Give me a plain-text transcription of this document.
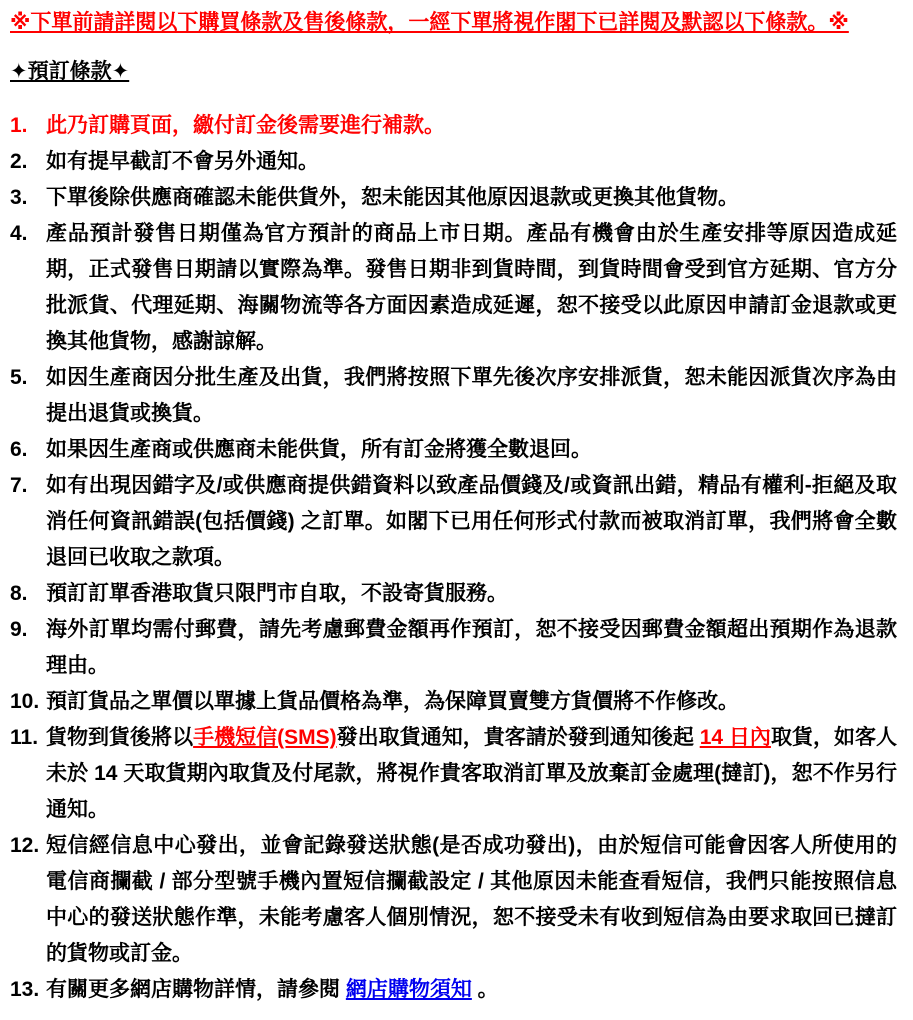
※下單前請詳閱以下購買條款及售後條款，一經下單將視作閣下已詳閱及默認以下條款。※
✦預訂條款✦
1. 此乃訂購頁面，繳付訂金後需要進行補款。
2. 如有提早截訂不會另外通知。
3. 下單後除供應商確認未能供貨外，恕未能因其他原因退款或更換其他貨物。
4. 產品預計發售日期僅為官方預計的商品上市日期。產品有機會由於生產安排等原因造成延期，正式發售日期請以實際為準。發售日期非到貨時間，到貨時間會受到官方延期、官方分批派貨、代理延期、海關物流等各方面因素造成延遲，恕不接受以此原因申請訂金退款或更換其他貨物，感謝諒解。
5. 如因生產商因分批生產及出貨，我們將按照下單先後次序安排派貨，恕未能因派貨次序為由提出退貨或換貨。
6. 如果因生產商或供應商未能供貨，所有訂金將獲全數退回。
7. 如有出現因錯字及/或供應商提供錯資料以致產品價錢及/或資訊出錯，精品有權利-拒絕及取消任何資訊錯誤(包括價錢) 之訂單。如閣下已用任何形式付款而被取消訂單，我們將會全數退回已收取之款項。
8. 預訂訂單香港取貨只限門市自取，不設寄貨服務。
9. 海外訂單均需付郵費，請先考慮郵費金額再作預訂，恕不接受因郵費金額超出預期作為退款理由。
10. 預訂貨品之單價以單據上貨品價格為準，為保障買賣雙方貨價將不作修改。
11. 貨物到貨後將以手機短信(SMS)發出取貨通知，貴客請於發到通知後起 14 日內取貨，如客人未於 14 天取貨期內取貨及付尾款，將視作貴客取消訂單及放棄訂金處理(撻訂)，恕不作另行通知。
12. 短信經信息中心發出，並會記錄發送狀態(是否成功發出)，由於短信可能會因客人所使用的電信商攔截 / 部分型號手機內置短信攔截設定 / 其他原因未能查看短信，我們只能按照信息中心的發送狀態作準，未能考慮客人個別情況，恕不接受未有收到短信為由要求取回已撻訂的貨物或訂金。
13. 有關更多網店購物詳情，請參閱 網店購物須知 。
